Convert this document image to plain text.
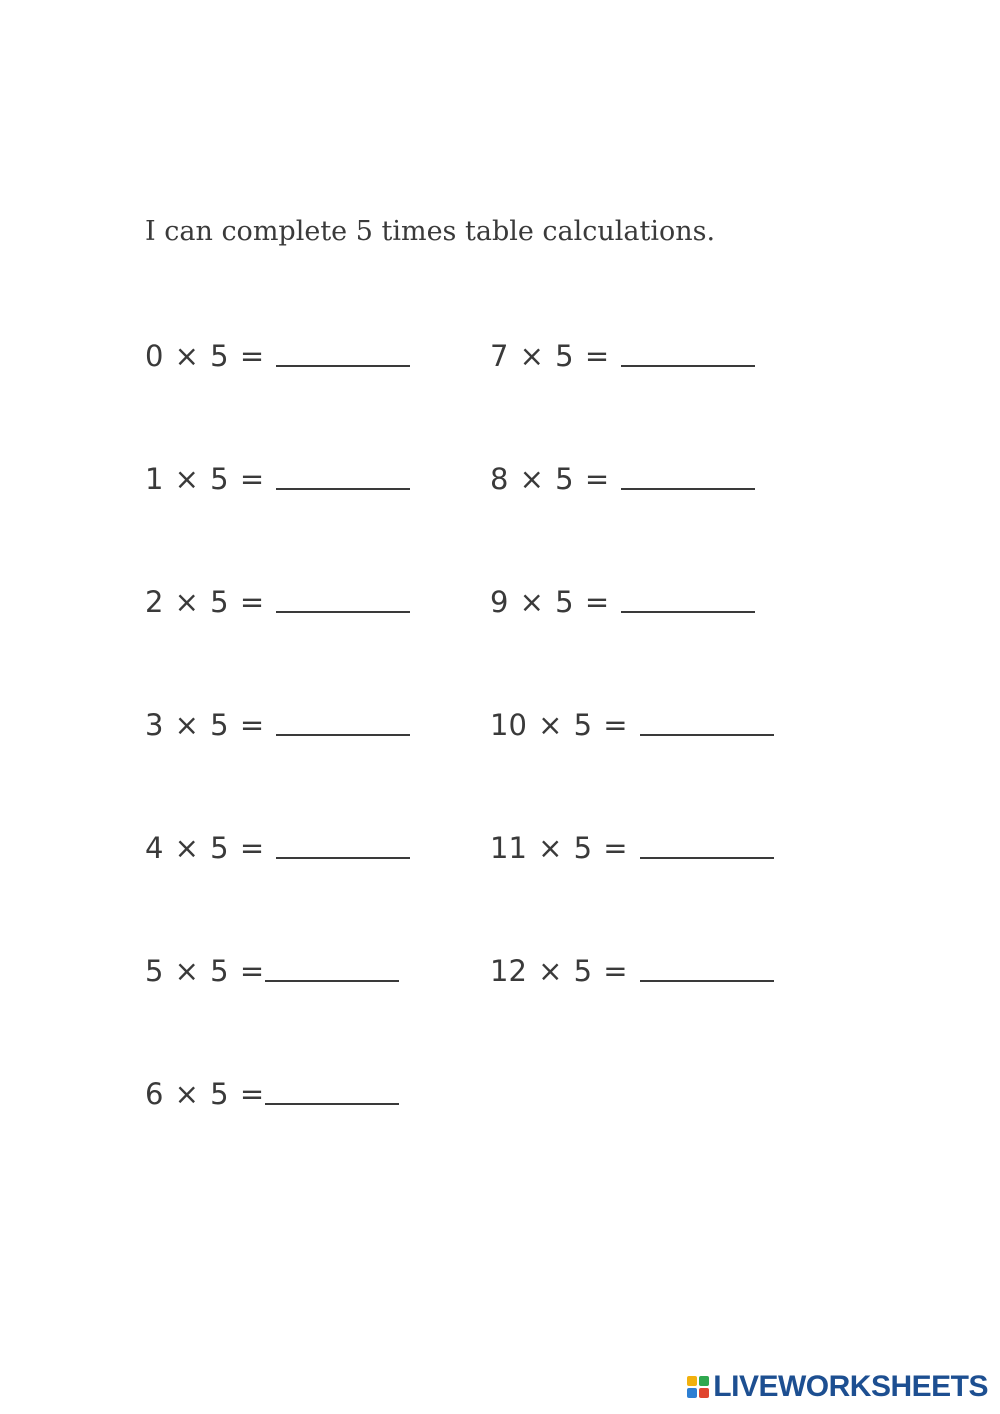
I can complete 5 times table calculations.
0 × 5 =
1 × 5 =
2 × 5 =
3 × 5 =
4 × 5 =
5 × 5 =
6 × 5 =
7 × 5 =
8 × 5 =
9 × 5 =
10 × 5 =
11 × 5 =
12 × 5 =
LIVEWORKSHEETS
